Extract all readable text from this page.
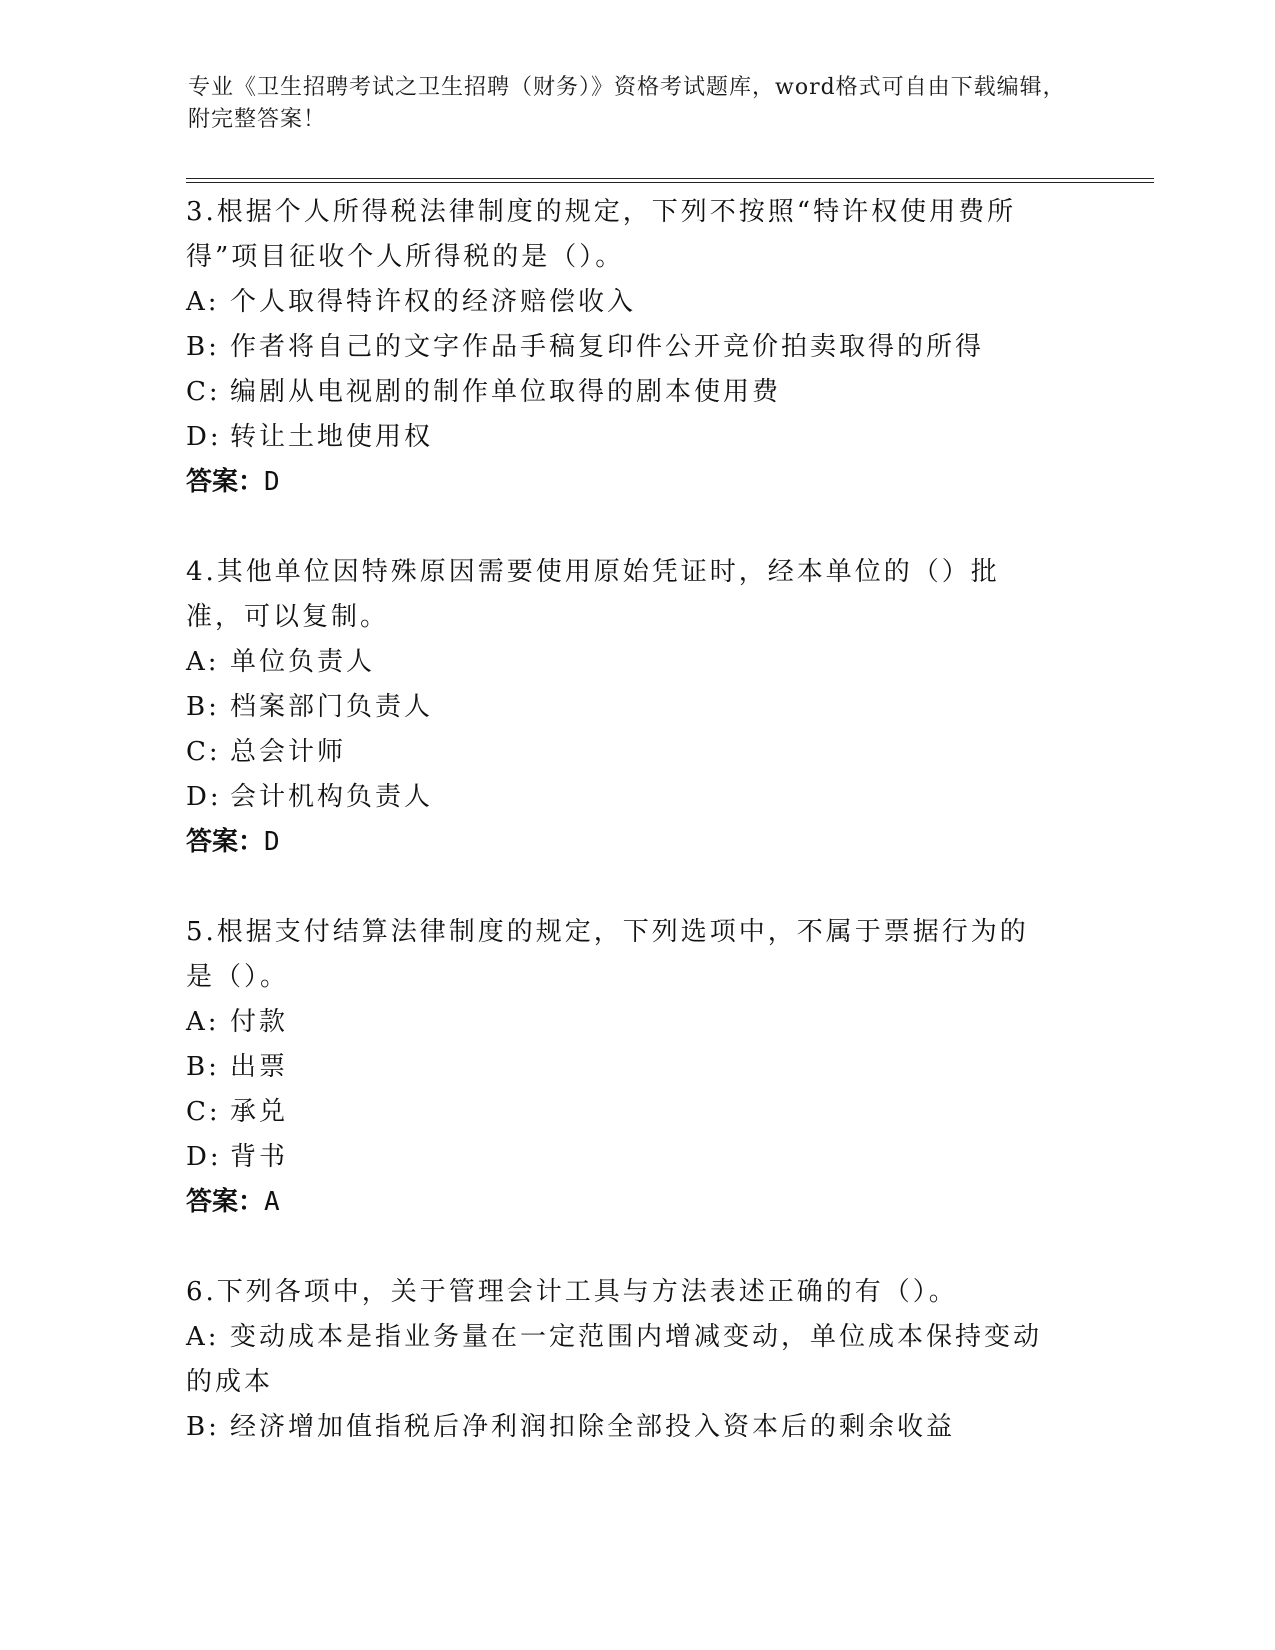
专业《卫生招聘考试之卫生招聘（财务）》资格考试题库，word格式可自由下载编辑，附完整答案！

3.根据个人所得税法律制度的规定，下列不按照“特许权使用费所得”项目征收个人所得税的是（）。

A: 个人取得特许权的经济赔偿收入

B: 作者将自己的文字作品手稿复印件公开竞价拍卖取得的所得

C: 编剧从电视剧的制作单位取得的剧本使用费

D: 转让土地使用权

答案：D

4.其他单位因特殊原因需要使用原始凭证时，经本单位的（）批准，可以复制。

A: 单位负责人

B: 档案部门负责人

C: 总会计师

D: 会计机构负责人

答案：D

5.根据支付结算法律制度的规定，下列选项中，不属于票据行为的是（）。

A: 付款

B: 出票

C: 承兑

D: 背书

答案：A

6.下列各项中，关于管理会计工具与方法表述正确的有（）。

A: 变动成本是指业务量在一定范围内增减变动，单位成本保持变动的成本

B: 经济增加值指税后净利润扣除全部投入资本后的剩余收益
